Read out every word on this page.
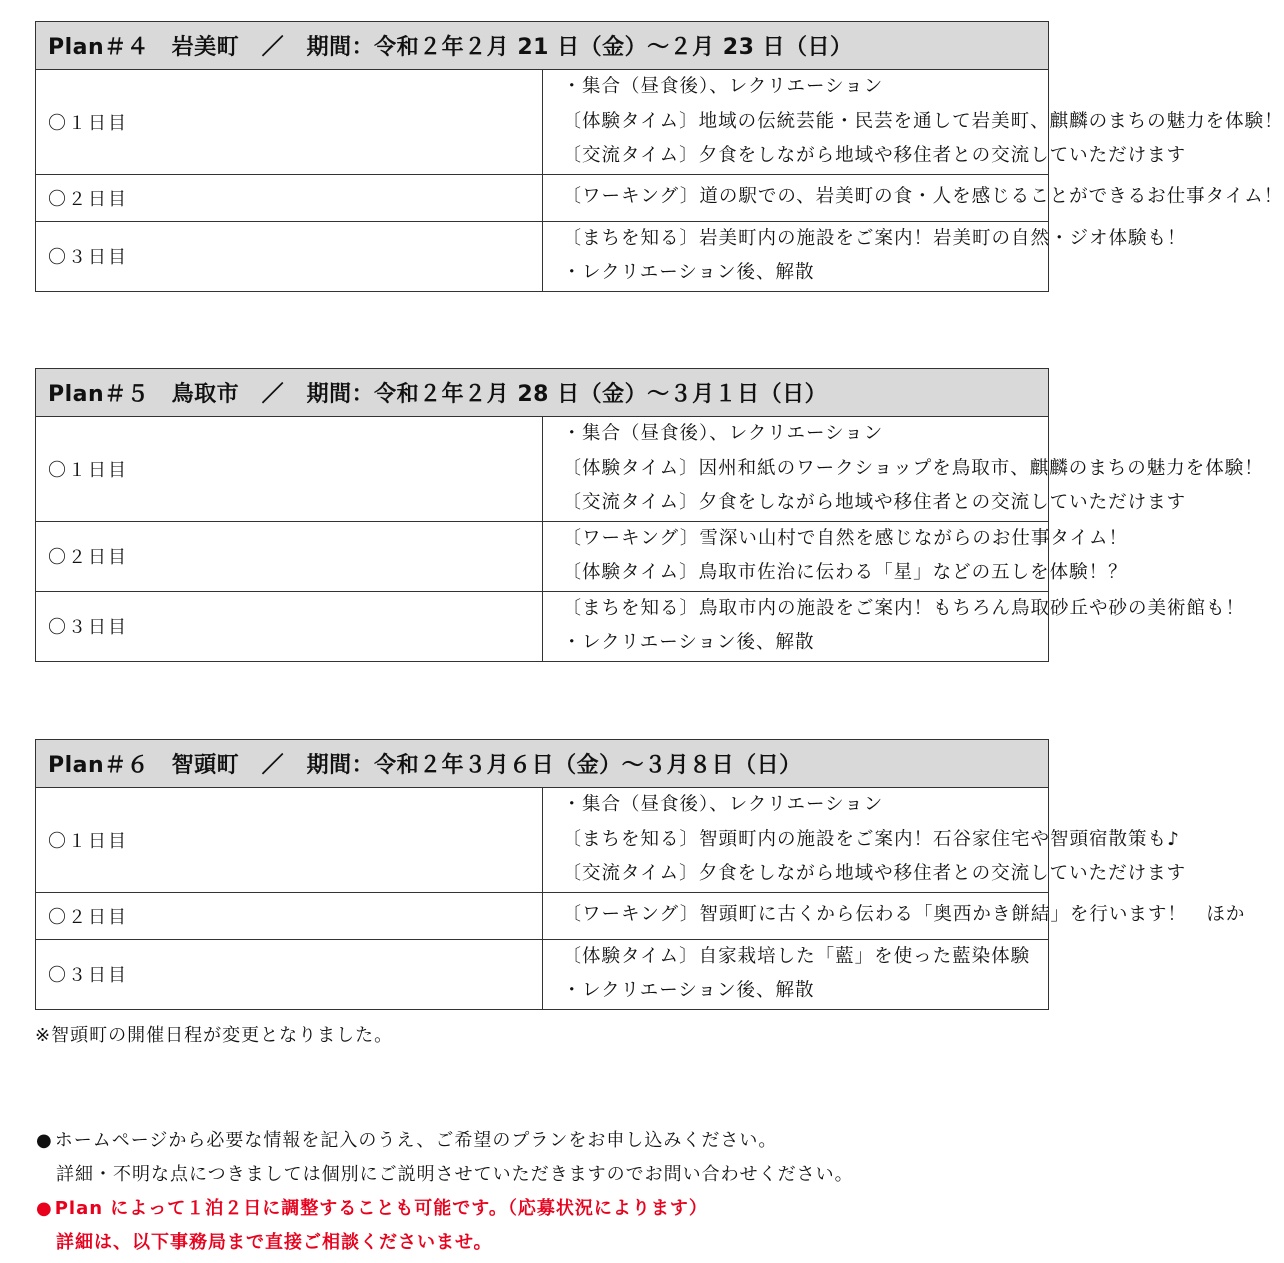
Plan＃４　岩美町　／　期間：令和２年２月 21 日（金）～２月 23 日（日）	
〇１日目	・集合（昼食後）、レクリエーション
〔体験タイム〕地域の伝統芸能・民芸を通して岩美町、麒麟のまちの魅力を体験！
〔交流タイム〕夕食をしながら地域や移住者との交流していただけます

〇２日目	〔ワーキング〕道の駅での、岩美町の食・人を感じることができるお仕事タイム！

〇３日目	〔まちを知る〕岩美町内の施設をご案内！岩美町の自然・ジオ体験も！
・レクリエーション後、解散
Plan＃５　鳥取市　／　期間：令和２年２月 28 日（金）～３月１日（日）	
〇１日目	・集合（昼食後）、レクリエーション
〔体験タイム〕因州和紙のワークショップを鳥取市、麒麟のまちの魅力を体験！
〔交流タイム〕夕食をしながら地域や移住者との交流していただけます

〇２日目	〔ワーキング〕雪深い山村で自然を感じながらのお仕事タイム！
〔体験タイム〕鳥取市佐治に伝わる「星」などの五しを体験！？

〇３日目	〔まちを知る〕鳥取市内の施設をご案内！もちろん鳥取砂丘や砂の美術館も！
・レクリエーション後、解散
Plan＃６　智頭町　／　期間：令和２年３月６日（金）～３月８日（日）	
〇１日目	・集合（昼食後）、レクリエーション
〔まちを知る〕智頭町内の施設をご案内！石谷家住宅や智頭宿散策も♪
〔交流タイム〕夕食をしながら地域や移住者との交流していただけます

〇２日目	〔ワーキング〕智頭町に古くから伝わる「奥西かき餅結」を行います！　ほか

〇３日目	〔体験タイム〕自家栽培した「藍」を使った藍染体験
・レクリエーション後、解散
※智頭町の開催日程が変更となりました。
● ホームページから必要な情報を記入のうえ、ご希望のプランをお申し込みください。
詳細・不明な点につきましては個別にご説明させていただきますのでお問い合わせください。
● Plan によって１泊２日に調整することも可能です。（応募状況によります）
詳細は、以下事務局まで直接ご相談くださいませ。
